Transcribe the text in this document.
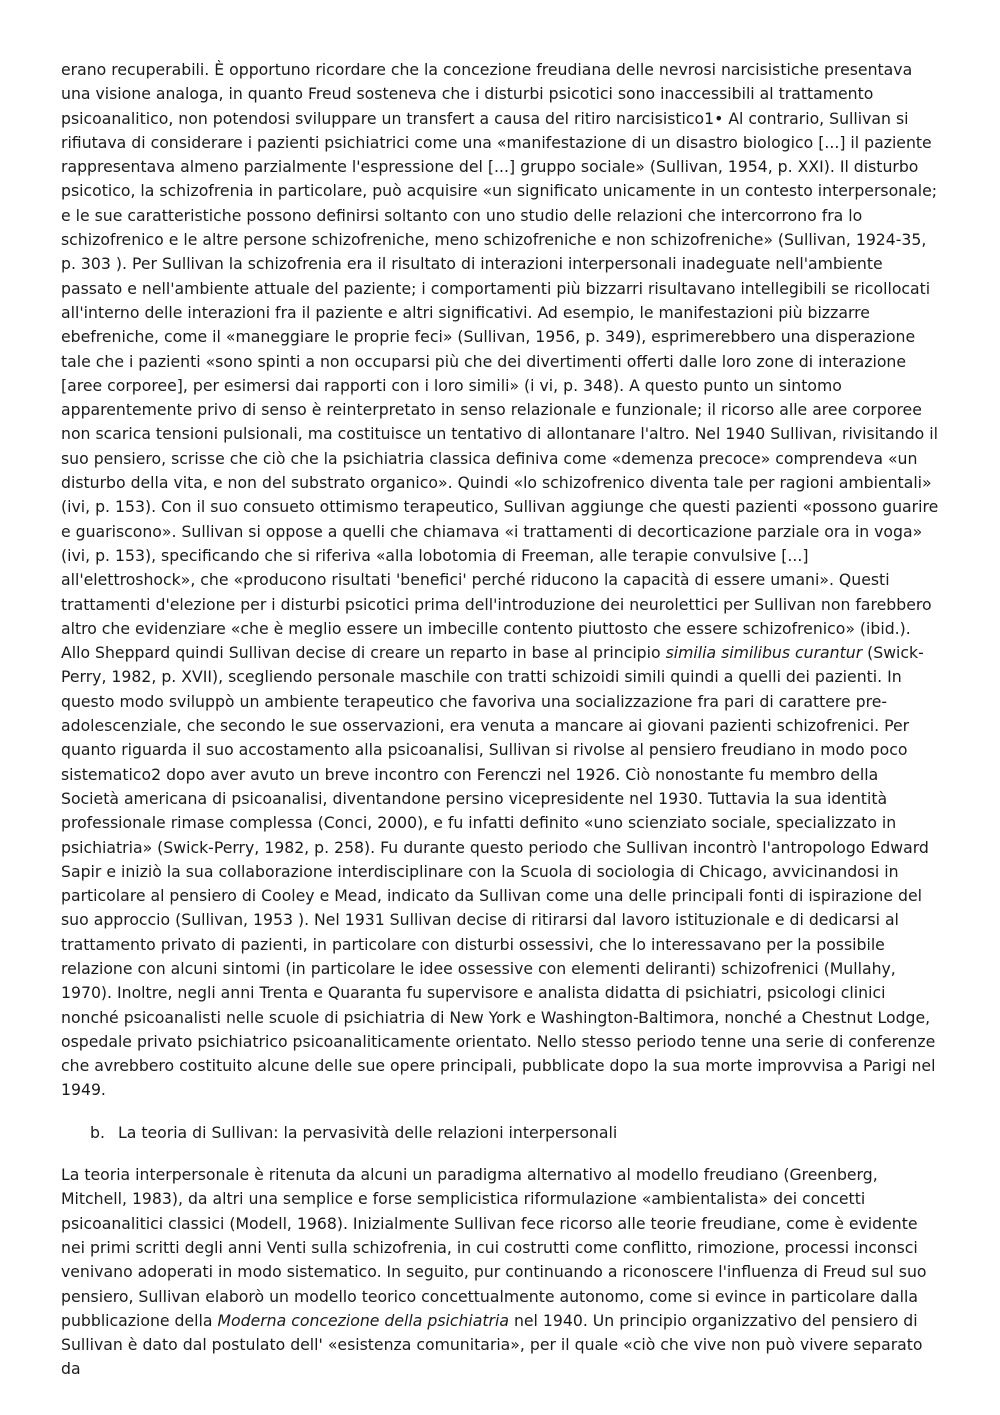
erano recuperabili. È opportuno ricordare che la concezione freudiana delle nevrosi narcisistiche presentava una visione analoga, in quanto Freud sosteneva che i disturbi psicotici sono inaccessibili al trattamento psicoanalitico, non potendosi sviluppare un transfert a causa del ritiro narcisistico1• Al contrario, Sullivan si rifiutava di considerare i pazienti psichiatrici come una «manifestazione di un disastro biologico [...] il paziente rappresentava almeno parzialmente l'espressione del [...] gruppo sociale» (Sullivan, 1954, p. XXI). Il disturbo psicotico, la schizofrenia in particolare, può acquisire «un significato unicamente in un contesto interpersonale; e le sue caratteristiche possono definirsi soltanto con uno studio delle relazioni che intercorrono fra lo schizofrenico e le altre persone schizofreniche, meno schizofreniche e non schizofreniche» (Sullivan, 1924-35, p. 303 ). Per Sullivan la schizofrenia era il risultato di interazioni interpersonali inadeguate nell'ambiente passato e nell'ambiente attuale del paziente; i comportamenti più bizzarri risultavano intellegibili se ricollocati all'interno delle interazioni fra il paziente e altri significativi. Ad esempio, le manifestazioni più bizzarre ebefreniche, come il «maneggiare le proprie feci» (Sullivan, 1956, p. 349), esprimerebbero una disperazione tale che i pazienti «sono spinti a non occuparsi più che dei divertimenti offerti dalle loro zone di interazione [aree corporee], per esimersi dai rapporti con i loro simili» (i vi, p. 348). A questo punto un sintomo apparentemente privo di senso è reinterpretato in senso relazionale e funzionale; il ricorso alle aree corporee non scarica tensioni pulsionali, ma costituisce un tentativo di allontanare l'altro. Nel 1940 Sullivan, rivisitando il suo pensiero, scrisse che ciò che la psichiatria classica definiva come «demenza precoce» comprendeva «un disturbo della vita, e non del substrato organico». Quindi «lo schizofrenico diventa tale per ragioni ambientali» (ivi, p. 153). Con il suo consueto ottimismo terapeutico, Sullivan aggiunge che questi pazienti «possono guarire e guariscono». Sullivan si oppose a quelli che chiamava «i trattamenti di decorticazione parziale ora in voga» (ivi, p. 153), specificando che si riferiva «alla lobotomia di Freeman, alle terapie convulsive [...] all'elettroshock», che «producono risultati 'benefici' perché riducono la capacità di essere umani». Questi trattamenti d'elezione per i disturbi psicotici prima dell'introduzione dei neurolettici per Sullivan non farebbero altro che evidenziare «che è meglio essere un imbecille contento piuttosto che essere schizofrenico» (ibid.). Allo Sheppard quindi Sullivan decise di creare un reparto in base al principio similia similibus curantur (Swick-Perry, 1982, p. XVII), scegliendo personale maschile con tratti schizoidi simili quindi a quelli dei pazienti. In questo modo sviluppò un ambiente terapeutico che favoriva una socializzazione fra pari di carattere pre-adolescenziale, che secondo le sue osservazioni, era venuta a mancare ai giovani pazienti schizofrenici. Per quanto riguarda il suo accostamento alla psicoanalisi, Sullivan si rivolse al pensiero freudiano in modo poco sistematico2 dopo aver avuto un breve incontro con Ferenczi nel 1926. Ciò nonostante fu membro della Società americana di psicoanalisi, diventandone persino vicepresidente nel 1930. Tuttavia la sua identità professionale rimase complessa (Conci, 2000), e fu infatti definito «uno scienziato sociale, specializzato in psichiatria» (Swick-Perry, 1982, p. 258). Fu durante questo periodo che Sullivan incontrò l'antropologo Edward Sapir e iniziò la sua collaborazione interdisciplinare con la Scuola di sociologia di Chicago, avvicinandosi in particolare al pensiero di Cooley e Mead, indicato da Sullivan come una delle principali fonti di ispirazione del suo approccio (Sullivan, 1953 ). Nel 1931 Sullivan decise di ritirarsi dal lavoro istituzionale e di dedicarsi al trattamento privato di pazienti, in particolare con disturbi ossessivi, che lo interessavano per la possibile relazione con alcuni sintomi (in particolare le idee ossessive con elementi deliranti) schizofrenici (Mullahy, 1970). Inoltre, negli anni Trenta e Quaranta fu supervisore e analista didatta di psichiatri, psicologi clinici nonché psicoanalisti nelle scuole di psichiatria di New York e Washington-Baltimora, nonché a Chestnut Lodge, ospedale privato psichiatrico psicoanaliticamente orientato. Nello stesso periodo tenne una serie di conferenze che avrebbero costituito alcune delle sue opere principali, pubblicate dopo la sua morte improvvisa a Parigi nel 1949.

b. La teoria di Sullivan: la pervasività delle relazioni interpersonali

La teoria interpersonale è ritenuta da alcuni un paradigma alternativo al modello freudiano (Greenberg, Mitchell, 1983), da altri una semplice e forse semplicistica riformulazione «ambientalista» dei concetti psicoanalitici classici (Modell, 1968). Inizialmente Sullivan fece ricorso alle teorie freudiane, come è evidente nei primi scritti degli anni Venti sulla schizofrenia, in cui costrutti come conflitto, rimozione, processi inconsci venivano adoperati in modo sistematico. In seguito, pur continuando a riconoscere l'influenza di Freud sul suo pensiero, Sullivan elaborò un modello teorico concettualmente autonomo, come si evince in particolare dalla pubblicazione della Moderna concezione della psichiatria nel 1940. Un principio organizzativo del pensiero di Sullivan è dato dal postulato dell' «esistenza comunitaria», per il quale «ciò che vive non può vivere separato da
